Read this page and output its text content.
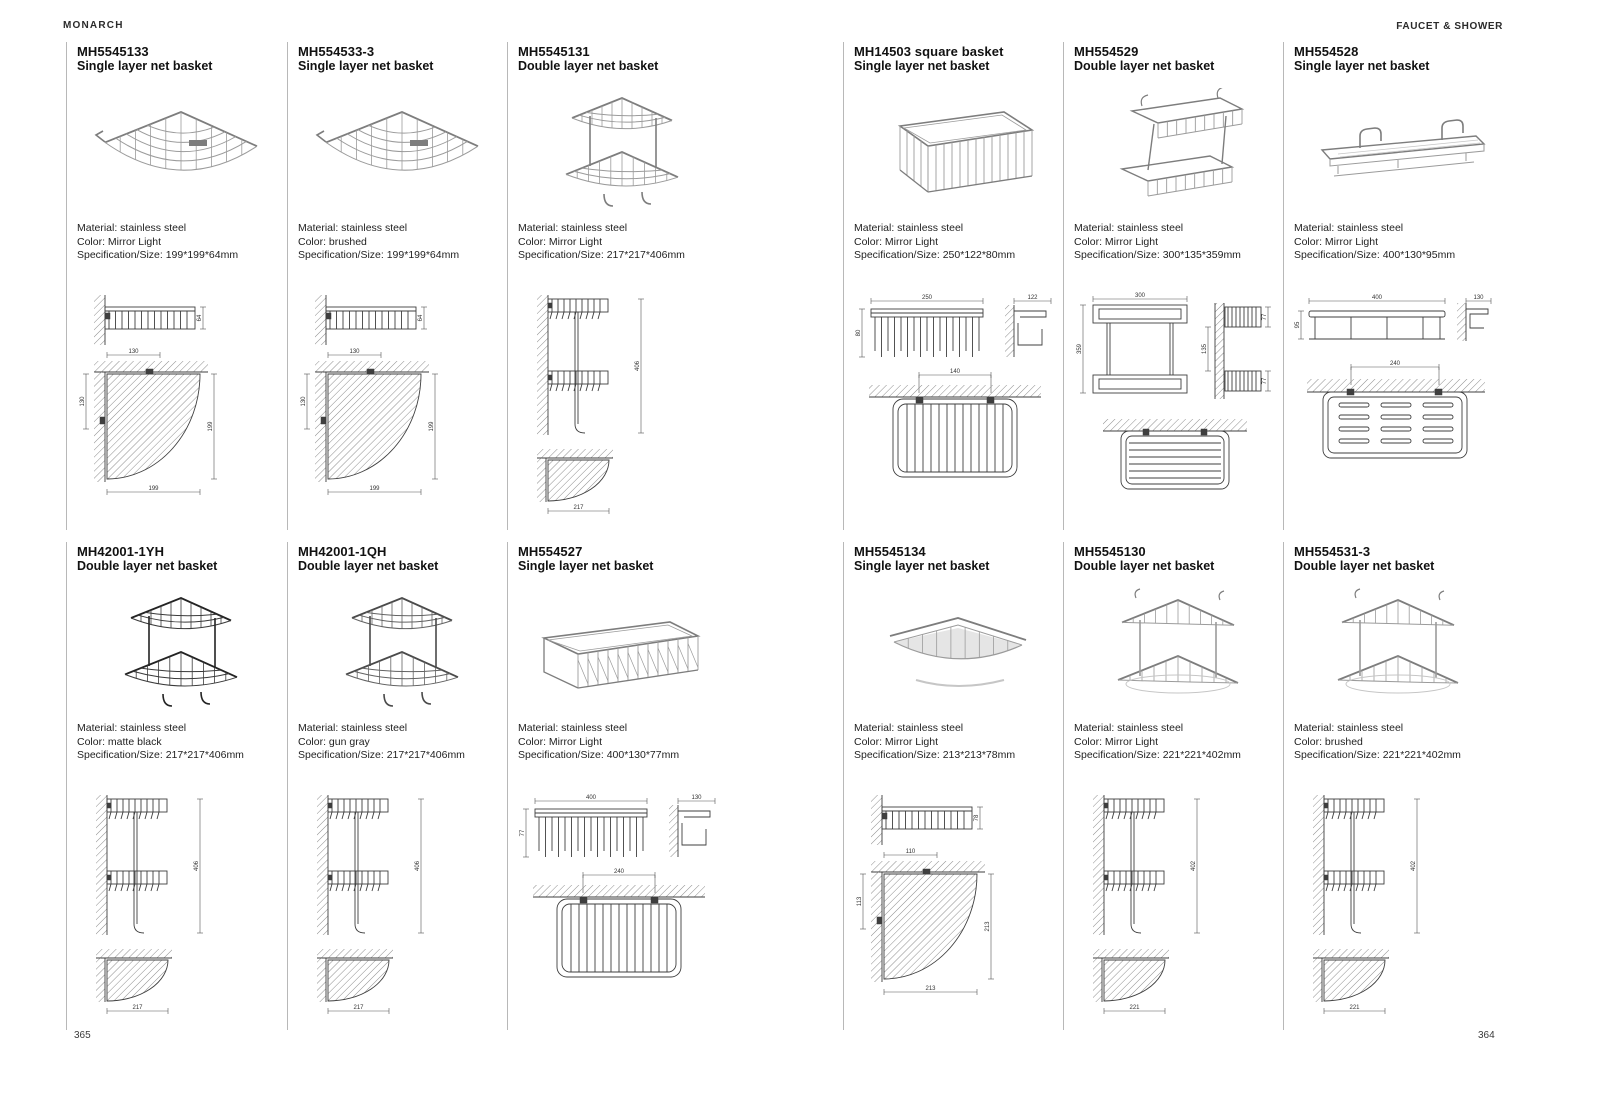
MONARCH	FAUCET & SHOWER
MH5545133
Single layer net basket
Material: stainless steel
Color: Mirror Light
Specification/Size: 199*199*64mm
64
130
130
199
199
MH554533-3
Single layer net basket
Material: stainless steel
Color: brushed
Specification/Size: 199*199*64mm
64
130
130
199
199
MH5545131
Double layer net basket
Material: stainless steel
Color: Mirror Light
Specification/Size: 217*217*406mm
406
217
MH14503 square basket
Single layer net basket
Material: stainless steel
Color: Mirror Light
Specification/Size: 250*122*80mm
250
80
122
140
MH554529
Double layer net basket
Material: stainless steel
Color: Mirror Light
Specification/Size: 300*135*359mm
300
359
77
77
135
MH554528
Single layer net basket
Material: stainless steel
Color: Mirror Light
Specification/Size: 400*130*95mm
400
95
130
240
MH42001-1YH
Double layer net basket
Material: stainless steel
Color: matte black
Specification/Size: 217*217*406mm
406
217
MH42001-1QH
Double layer net basket
Material: stainless steel
Color: gun gray
Specification/Size: 217*217*406mm
406
217
MH554527
Single layer net basket
Material: stainless steel
Color: Mirror Light
Specification/Size: 400*130*77mm
400
77
130
240
MH5545134
Single layer net basket
Material: stainless steel
Color: Mirror Light
Specification/Size: 213*213*78mm
78
110
113
213
213
MH5545130
Double layer net basket
Material: stainless steel
Color: Mirror Light
Specification/Size: 221*221*402mm
402
221
MH554531-3
Double layer net basket
Material: stainless steel
Color: brushed
Specification/Size: 221*221*402mm
402
221
365	364
